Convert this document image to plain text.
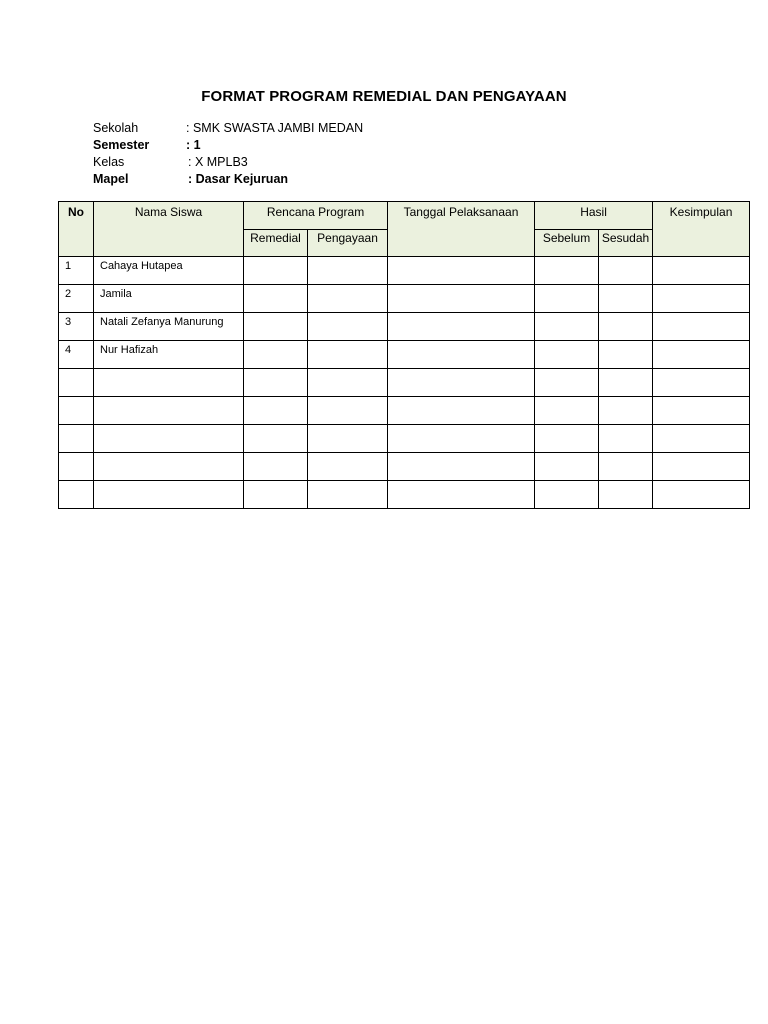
FORMAT PROGRAM REMEDIAL DAN PENGAYAAN
Sekolah	: SMK SWASTA JAMBI MEDAN
Semester	: 1
Kelas	: X MPLB3
Mapel	: Dasar Kejuruan
No	Nama Siswa	Rencana Program		Tanggal Pelaksanaan	Hasil		Kesimpulan

		Remedial	Pengayaan		Sebelum	Sesudah	

1	Cahaya Hutapea						

2	Jamila						

3	Natali Zefanya Manurung						

4	Nur Hafizah						
